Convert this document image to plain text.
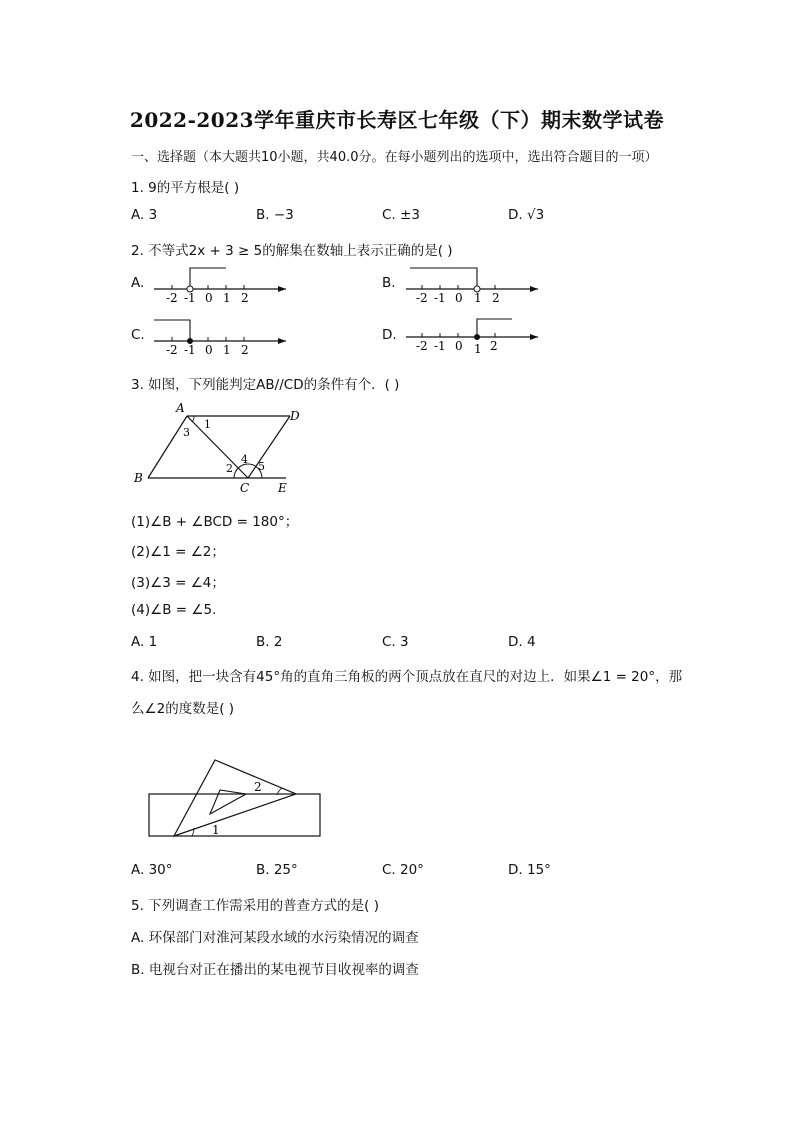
2022-2023学年重庆市长寿区七年级（下）期末数学试卷
一、选择题（本大题共10小题，共40.0分。在每小题列出的选项中，选出符合题目的一项）
1. 9的平方根是( )
A. 3	B. −3	C. ±3	D. √3
2. 不等式2x + 3 ≥ 5的解集在数轴上表示正确的是( )
A.
-2 -1 0 1 2
B.
-2 -1 0 1 2
C.
-2 -1 0 1 2
D.
-2 -1 0 1 2
3. 如图，下列能判定AB//CD的条件有个．( )
A
D
B
C E
1
2
3
4
5
(1)∠B + ∠BCD = 180°；
(2)∠1 = ∠2；
(3)∠3 = ∠4；
(4)∠B = ∠5.
A. 1	B. 2	C. 3	D. 4
4. 如图，把一块含有45°角的直角三角板的两个顶点放在直尺的对边上．如果∠1 = 20°，那
么∠2的度数是( )
1
2
A. 30°	B. 25°	C. 20°	D. 15°
5. 下列调查工作需采用的普查方式的是( )
A. 环保部门对淮河某段水域的水污染情况的调查
B. 电视台对正在播出的某电视节目收视率的调查
